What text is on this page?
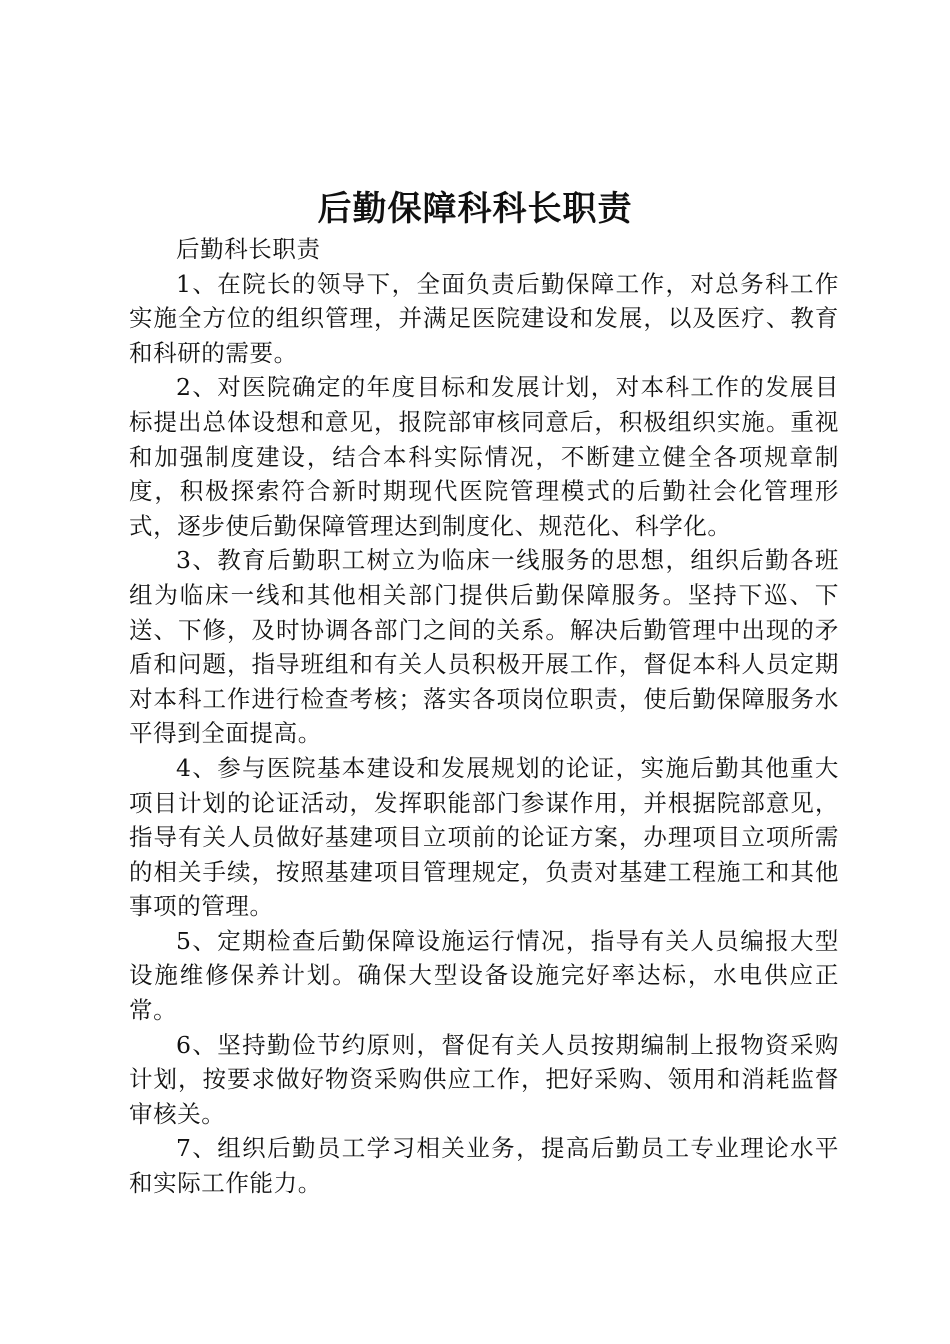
后勤保障科科长职责

后勤科长职责

1、在院长的领导下，全面负责后勤保障工作，对总务科工作实施全方位的组织管理，并满足医院建设和发展，以及医疗、教育和科研的需要。

2、对医院确定的年度目标和发展计划，对本科工作的发展目标提出总体设想和意见，报院部审核同意后，积极组织实施。重视和加强制度建设，结合本科实际情况，不断建立健全各项规章制度，积极探索符合新时期现代医院管理模式的后勤社会化管理形式，逐步使后勤保障管理达到制度化、规范化、科学化。

3、教育后勤职工树立为临床一线服务的思想，组织后勤各班组为临床一线和其他相关部门提供后勤保障服务。坚持下巡、下送、下修，及时协调各部门之间的关系。解决后勤管理中出现的矛盾和问题，指导班组和有关人员积极开展工作，督促本科人员定期对本科工作进行检查考核；落实各项岗位职责，使后勤保障服务水平得到全面提高。

4、参与医院基本建设和发展规划的论证，实施后勤其他重大项目计划的论证活动，发挥职能部门参谋作用，并根据院部意见，指导有关人员做好基建项目立项前的论证方案，办理项目立项所需的相关手续，按照基建项目管理规定，负责对基建工程施工和其他事项的管理。

5、定期检查后勤保障设施运行情况，指导有关人员编报大型设施维修保养计划。确保大型设备设施完好率达标，水电供应正常。

6、坚持勤俭节约原则，督促有关人员按期编制上报物资采购计划，按要求做好物资采购供应工作，把好采购、领用和消耗监督审核关。

7、组织后勤员工学习相关业务，提高后勤员工专业理论水平和实际工作能力。
